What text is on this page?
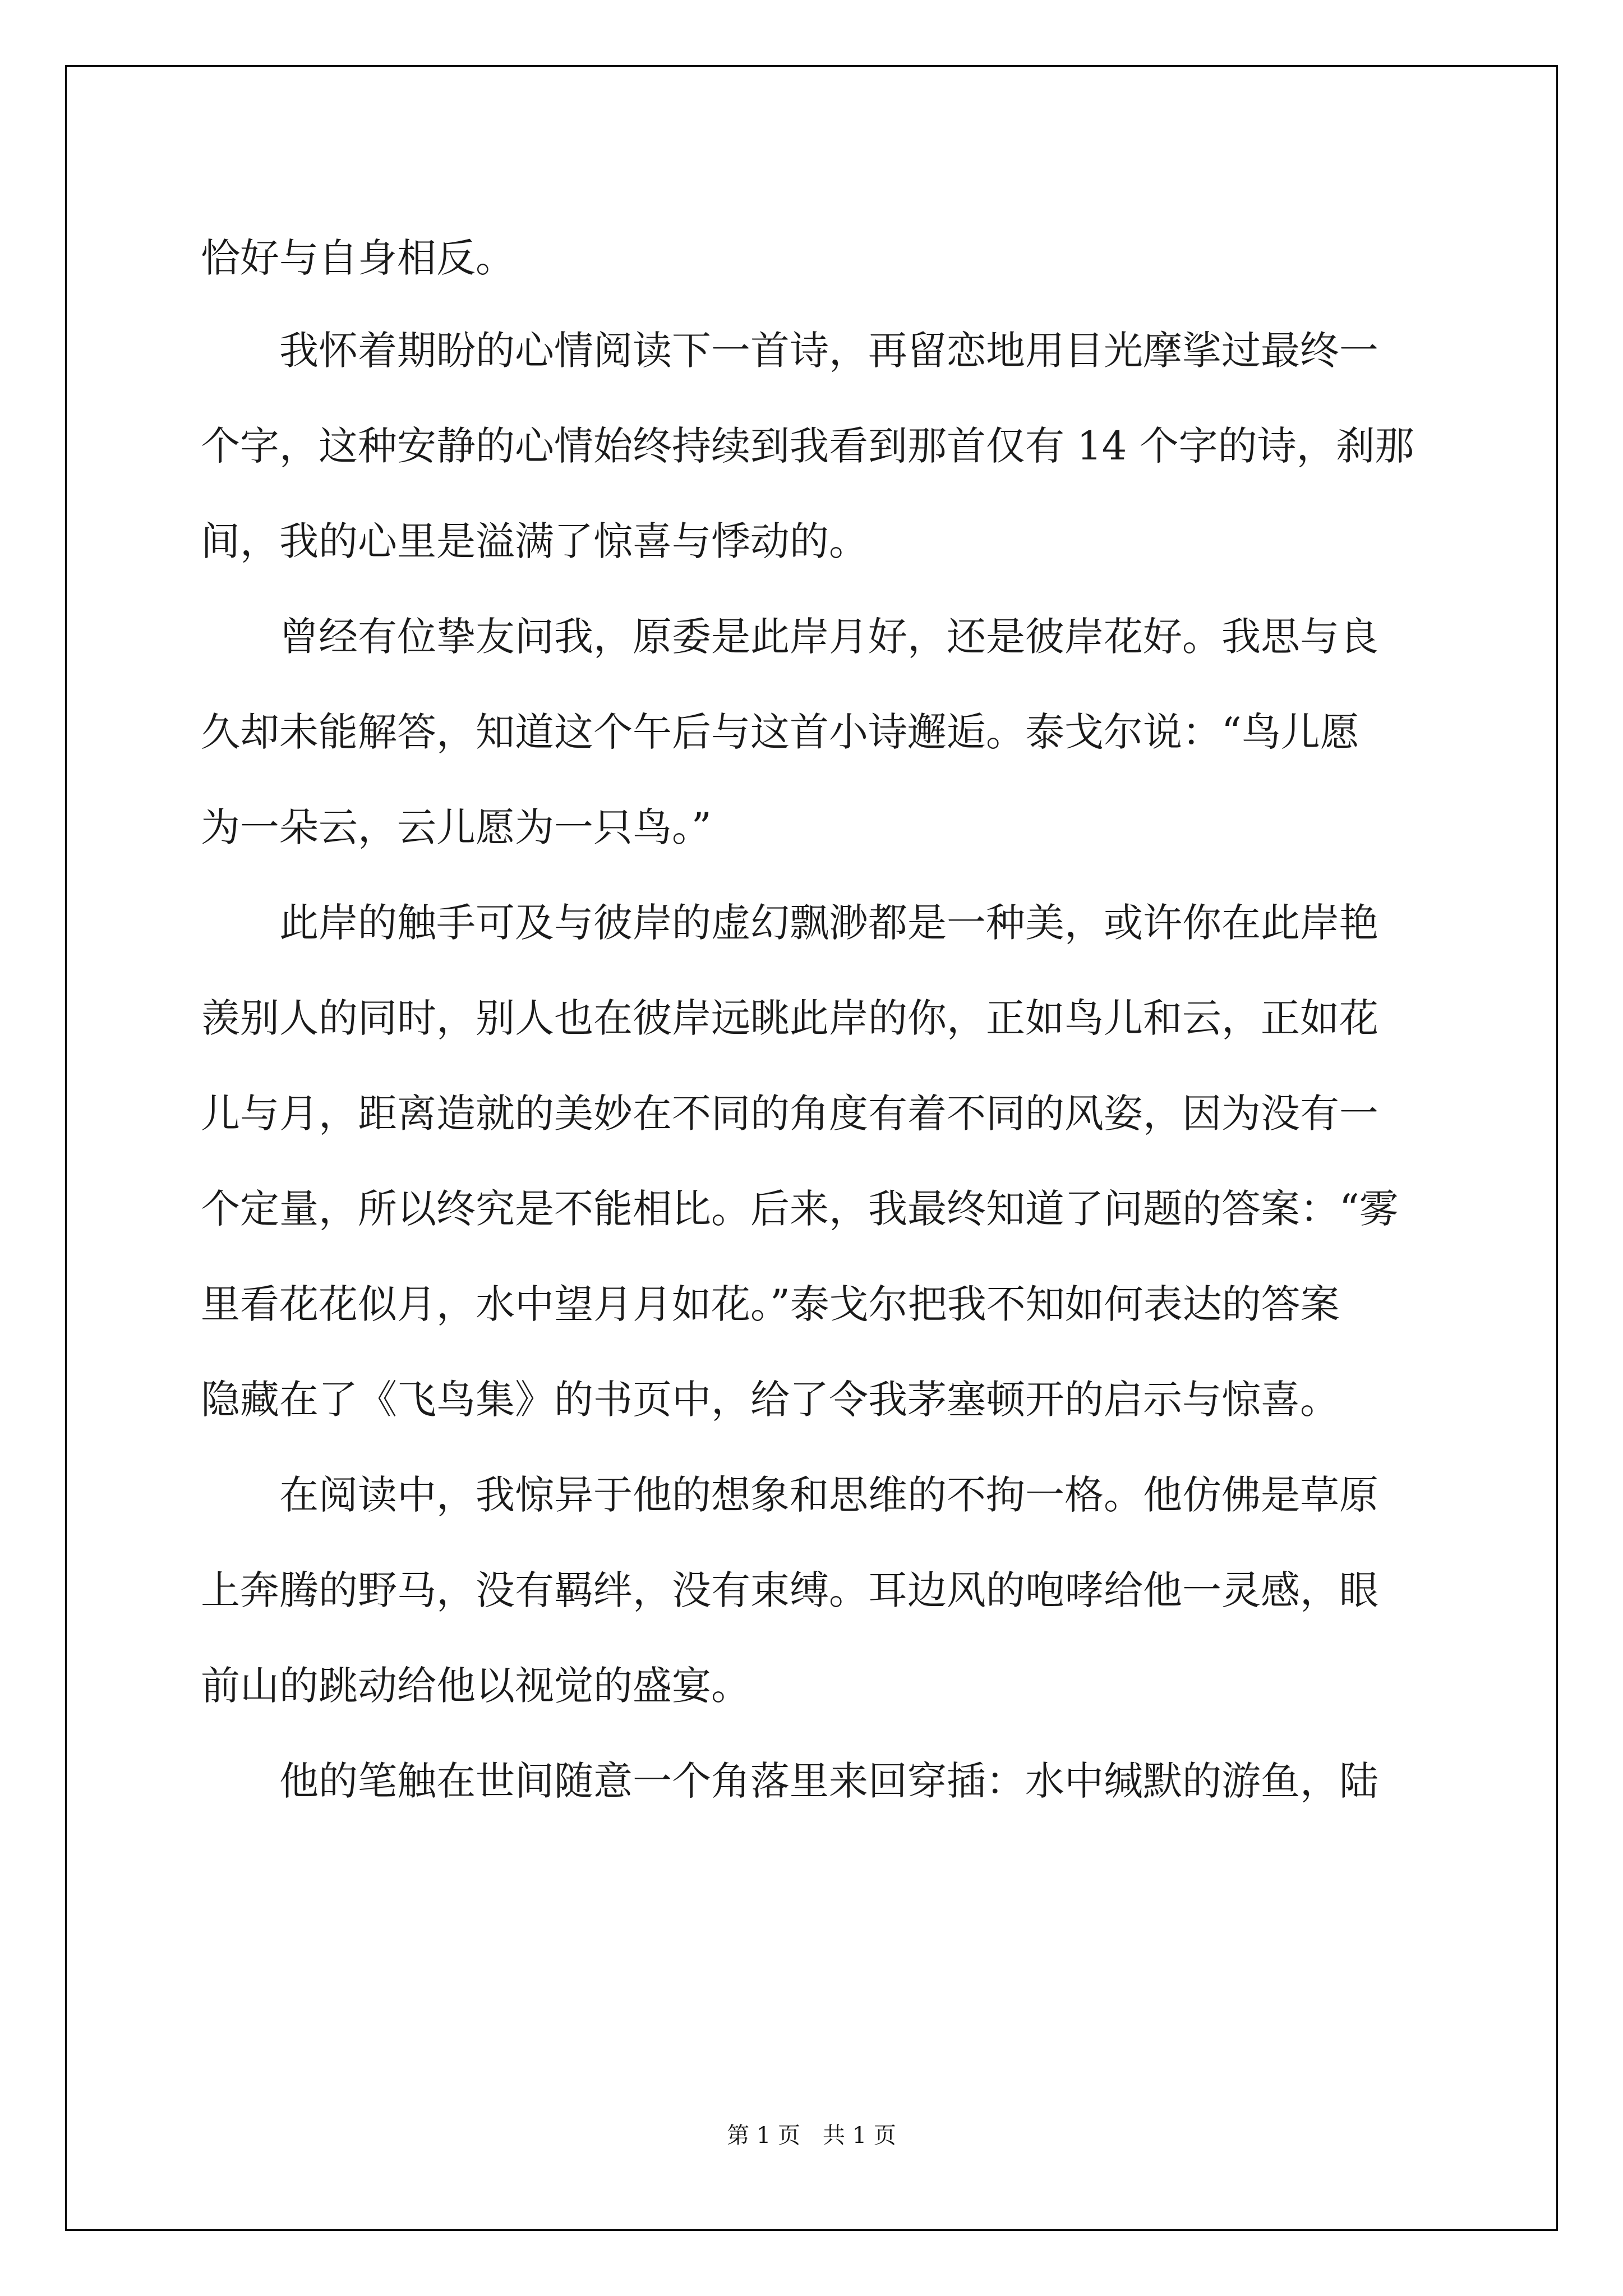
恰好与自身相反。
　　我怀着期盼的心情阅读下一首诗，再留恋地用目光摩挲过最终一
个字，这种安静的心情始终持续到我看到那首仅有 14 个字的诗，刹那
间，我的心里是溢满了惊喜与悸动的。
　　曾经有位挚友问我，原委是此岸月好，还是彼岸花好。我思与良
久却未能解答，知道这个午后与这首小诗邂逅。泰戈尔说：“鸟儿愿
为一朵云，云儿愿为一只鸟。”
　　此岸的触手可及与彼岸的虚幻飘渺都是一种美，或许你在此岸艳
羡别人的同时，别人也在彼岸远眺此岸的你，正如鸟儿和云，正如花
儿与月，距离造就的美妙在不同的角度有着不同的风姿，因为没有一
个定量，所以终究是不能相比。后来，我最终知道了问题的答案：“雾
里看花花似月，水中望月月如花。”泰戈尔把我不知如何表达的答案
隐藏在了《飞鸟集》的书页中，给了令我茅塞顿开的启示与惊喜。
　　在阅读中，我惊异于他的想象和思维的不拘一格。他仿佛是草原
上奔腾的野马，没有羁绊，没有束缚。耳边风的咆哮给他一灵感，眼
前山的跳动给他以视觉的盛宴。
　　他的笔触在世间随意一个角落里来回穿插：水中缄默的游鱼，陆
第 1 页　共 1 页
